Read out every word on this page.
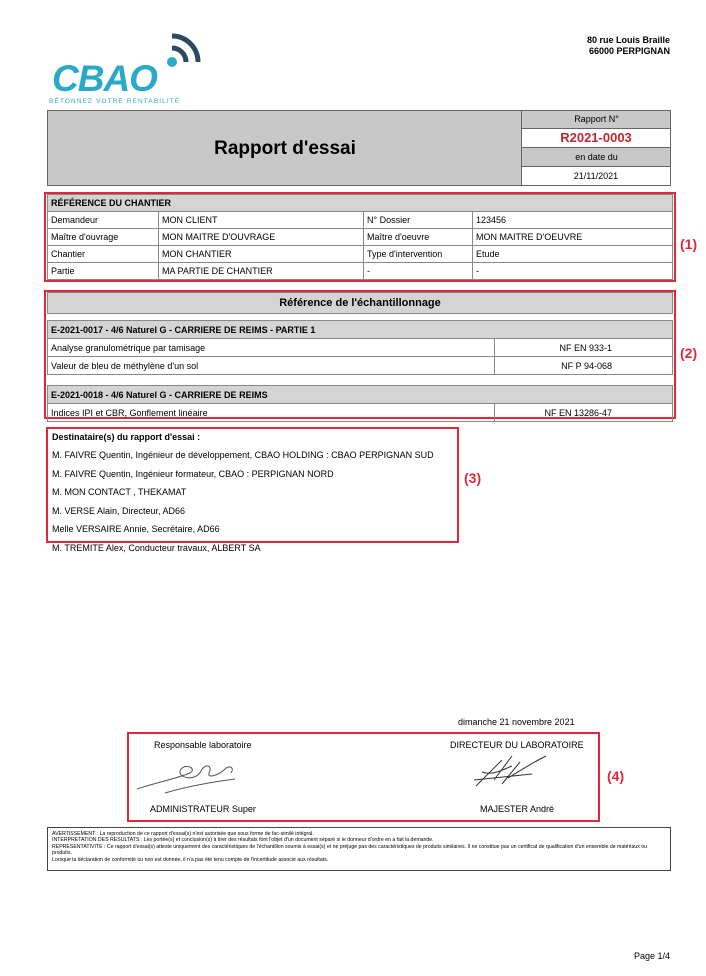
CBAO
BÉTONNEZ VOTRE RENTABILITÉ
80 rue Louis Braille
66000 PERPIGNAN
Rapport d'essai
Rapport N°
R2021-0003
en date du
21/11/2021
RÉFÉRENCE DU CHANTIER			
Demandeur	MON CLIENT	N° Dossier	123456
Maître d'ouvrage	MON MAITRE D'OUVRAGE	Maître d'oeuvre	MON MAITRE D'OEUVRE
Chantier	MON CHANTIER	Type d'intervention	Etude
Partie	MA PARTIE DE CHANTIER	-	-
(1)
Référence de l'échantillonnage	

E-2021-0017 - 4/6 Naturel G - CARRIERE DE REIMS - PARTIE 1	
Analyse granulométrique par tamisage	NF EN 933-1
Valeur de bleu de méthylène d'un sol	NF P 94-068

E-2021-0018 - 4/6 Naturel G - CARRIERE DE REIMS	
Indices IPI et CBR, Gonflement linéaire	NF EN 13286-47
(2)
Destinataire(s) du rapport d'essai :
M. FAIVRE Quentin, Ingénieur de développement, CBAO HOLDING : CBAO PERPIGNAN SUD
M. FAIVRE Quentin, Ingénieur formateur, CBAO : PERPIGNAN NORD
M. MON CONTACT , THEKAMAT
M. VERSE Alain, Directeur, AD66
Melle VERSAIRE Annie, Secrétaire, AD66
M. TREMITE Alex, Conducteur travaux, ALBERT SA
(3)
dimanche 21 novembre 2021
Responsable laboratoire	DIRECTEUR DU LABORATOIRE
ADMINISTRATEUR Super	MAJESTER André
(4)
AVERTISSEMENT : La reproduction de ce rapport d'essai(s) n'est autorisée que sous forme de fac-similé intégral.
INTERPRETATION DES RESULTATS : Les portée(s) et conclusion(s) à tirer des résultats font l'objet d'un document séparé si le donneur d'ordre en a fait la demande.
REPRESENTATIVITE : Ce rapport d'essai(s) atteste uniquement des caractéristiques de l'échantillon soumis à essai(s) et ne préjuge pas des caractéristiques de produits similaires. Il ne constitue pas un certificat de qualification d'un ensemble de matériaux ou produits.
Lorsque la déclaration de conformité ou non est donnée, il n'a pas été tenu compte de l'incertitude associé aux résultats.
Page 1/4
